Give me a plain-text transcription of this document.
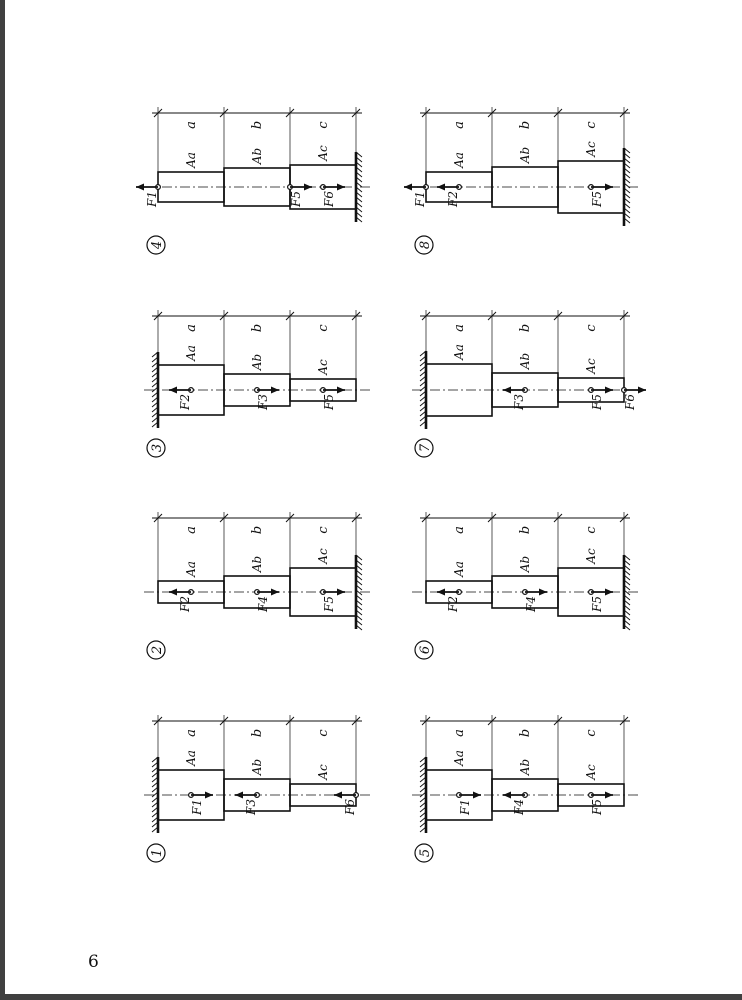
a
Aa
b
Ab
c
Ac
F1	F3	F6
1
a
Aa
b
Ab
c
Ac
F2	F4	F5
2
a
Aa
b
Ab
c
Ac
F2	F3	F5
3
a
Aa
b
Ab
c
Ac
F1	F5 F6
4
a
Aa
b
Ab
c
Ac
F1	F4	F5
5
a
Aa
b
Ab
c
Ac
F2	F4	F5
6
a
Aa
b
Ab
c
Ac
F3	F5 F6
7
a
Aa
b
Ab
c
Ac
F1 F2	F5
8
6
